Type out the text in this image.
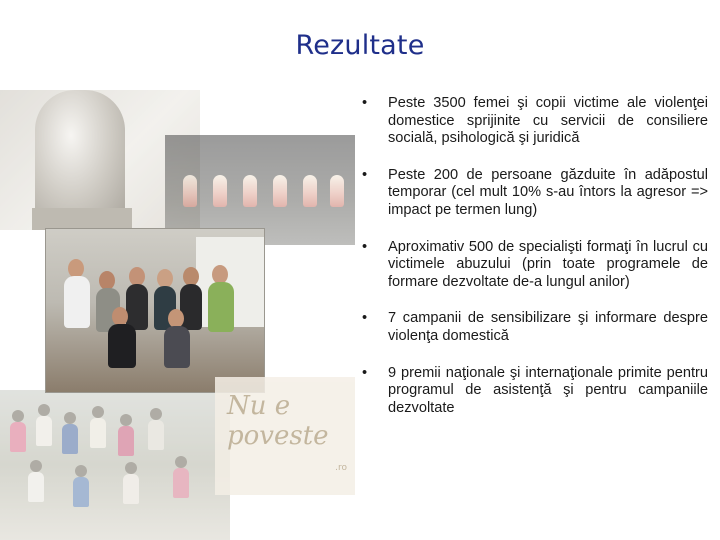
Rezultate
Nu e
poveste
.ro
•	Peste 3500 femei şi copii victime ale violenţei domestice sprijinite cu servicii de consiliere socială, psihologică şi juridică
•	Peste 200 de persoane găzduite în adăpostul temporar (cel mult 10% s-au întors la agresor => impact pe termen lung)
•	Aproximativ 500 de specialişti formaţi în lucrul cu victimele abuzului (prin toate programele de formare dezvoltate de-a lungul anilor)
•	7 campanii de sensibilizare şi informare despre violenţa domestică
•	9 premii naţionale şi internaţionale primite pentru programul de asistenţă şi pentru campaniile dezvoltate
